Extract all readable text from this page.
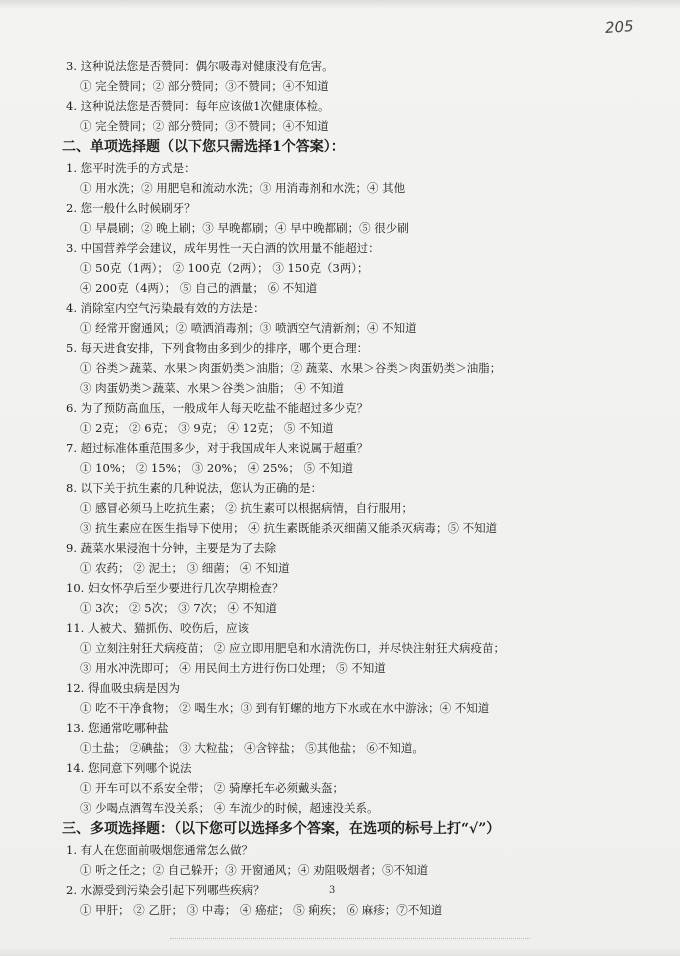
205
3. 这种说法您是否赞同：偶尔吸毒对健康没有危害。
① 完全赞同；② 部分赞同；③不赞同；④不知道
4. 这种说法您是否赞同：每年应该做1次健康体检。
① 完全赞同；② 部分赞同；③不赞同；④不知道
二、单项选择题（以下您只需选择1个答案）：
1. 您平时洗手的方式是：
① 用水洗；② 用肥皂和流动水洗；③ 用消毒剂和水洗；④ 其他
2. 您一般什么时候刷牙？
① 早晨刷；② 晚上刷；③ 早晚都刷；④ 早中晚都刷；⑤ 很少刷
3. 中国营养学会建议，成年男性一天白酒的饮用量不能超过：
① 50克（1两）； ② 100克（2两）； ③ 150克（3两）；
④ 200克（4两）； ⑤ 自己的酒量； ⑥ 不知道
4. 消除室内空气污染最有效的方法是：
① 经常开窗通风；② 喷洒消毒剂；③ 喷洒空气清新剂；④ 不知道
5. 每天进食安排，下列食物由多到少的排序，哪个更合理：
① 谷类＞蔬菜、水果＞肉蛋奶类＞油脂；② 蔬菜、水果＞谷类＞肉蛋奶类＞油脂；
③ 肉蛋奶类＞蔬菜、水果＞谷类＞油脂； ④ 不知道
6. 为了预防高血压，一般成年人每天吃盐不能超过多少克？
① 2克； ② 6克； ③ 9克； ④ 12克； ⑤ 不知道
7. 超过标准体重范围多少，对于我国成年人来说属于超重？
① 10%； ② 15%； ③ 20%； ④ 25%； ⑤ 不知道
8. 以下关于抗生素的几种说法，您认为正确的是：
① 感冒必须马上吃抗生素； ② 抗生素可以根据病情，自行服用；
③ 抗生素应在医生指导下使用； ④ 抗生素既能杀灭细菌又能杀灭病毒；⑤ 不知道
9. 蔬菜水果浸泡十分钟，主要是为了去除
① 农药； ② 泥土； ③ 细菌； ④ 不知道
10. 妇女怀孕后至少要进行几次孕期检查？
① 3次； ② 5次； ③ 7次； ④ 不知道
11. 人被犬、猫抓伤、咬伤后，应该
① 立刻注射狂犬病疫苗； ② 应立即用肥皂和水清洗伤口，并尽快注射狂犬病疫苗；
③ 用水冲洗即可； ④ 用民间土方进行伤口处理； ⑤ 不知道
12. 得血吸虫病是因为
① 吃不干净食物； ② 喝生水；③ 到有钉螺的地方下水或在水中游泳；④ 不知道
13. 您通常吃哪种盐
①土盐； ②碘盐； ③ 大粒盐； ④含锌盐； ⑤其他盐； ⑥不知道。
14. 您同意下列哪个说法
① 开车可以不系安全带； ② 骑摩托车必须戴头盔；
③ 少喝点酒驾车没关系； ④ 车流少的时候，超速没关系。
三、多项选择题：（以下您可以选择多个答案，在选项的标号上打“√”）
1. 有人在您面前吸烟您通常怎么做？
① 听之任之；② 自己躲开；③ 开窗通风；④ 劝阻吸烟者；⑤不知道
2. 水源受到污染会引起下列哪些疾病？
① 甲肝； ② 乙肝； ③ 中毒； ④ 癌症； ⑤ 痢疾； ⑥ 麻疹；⑦不知道
3
